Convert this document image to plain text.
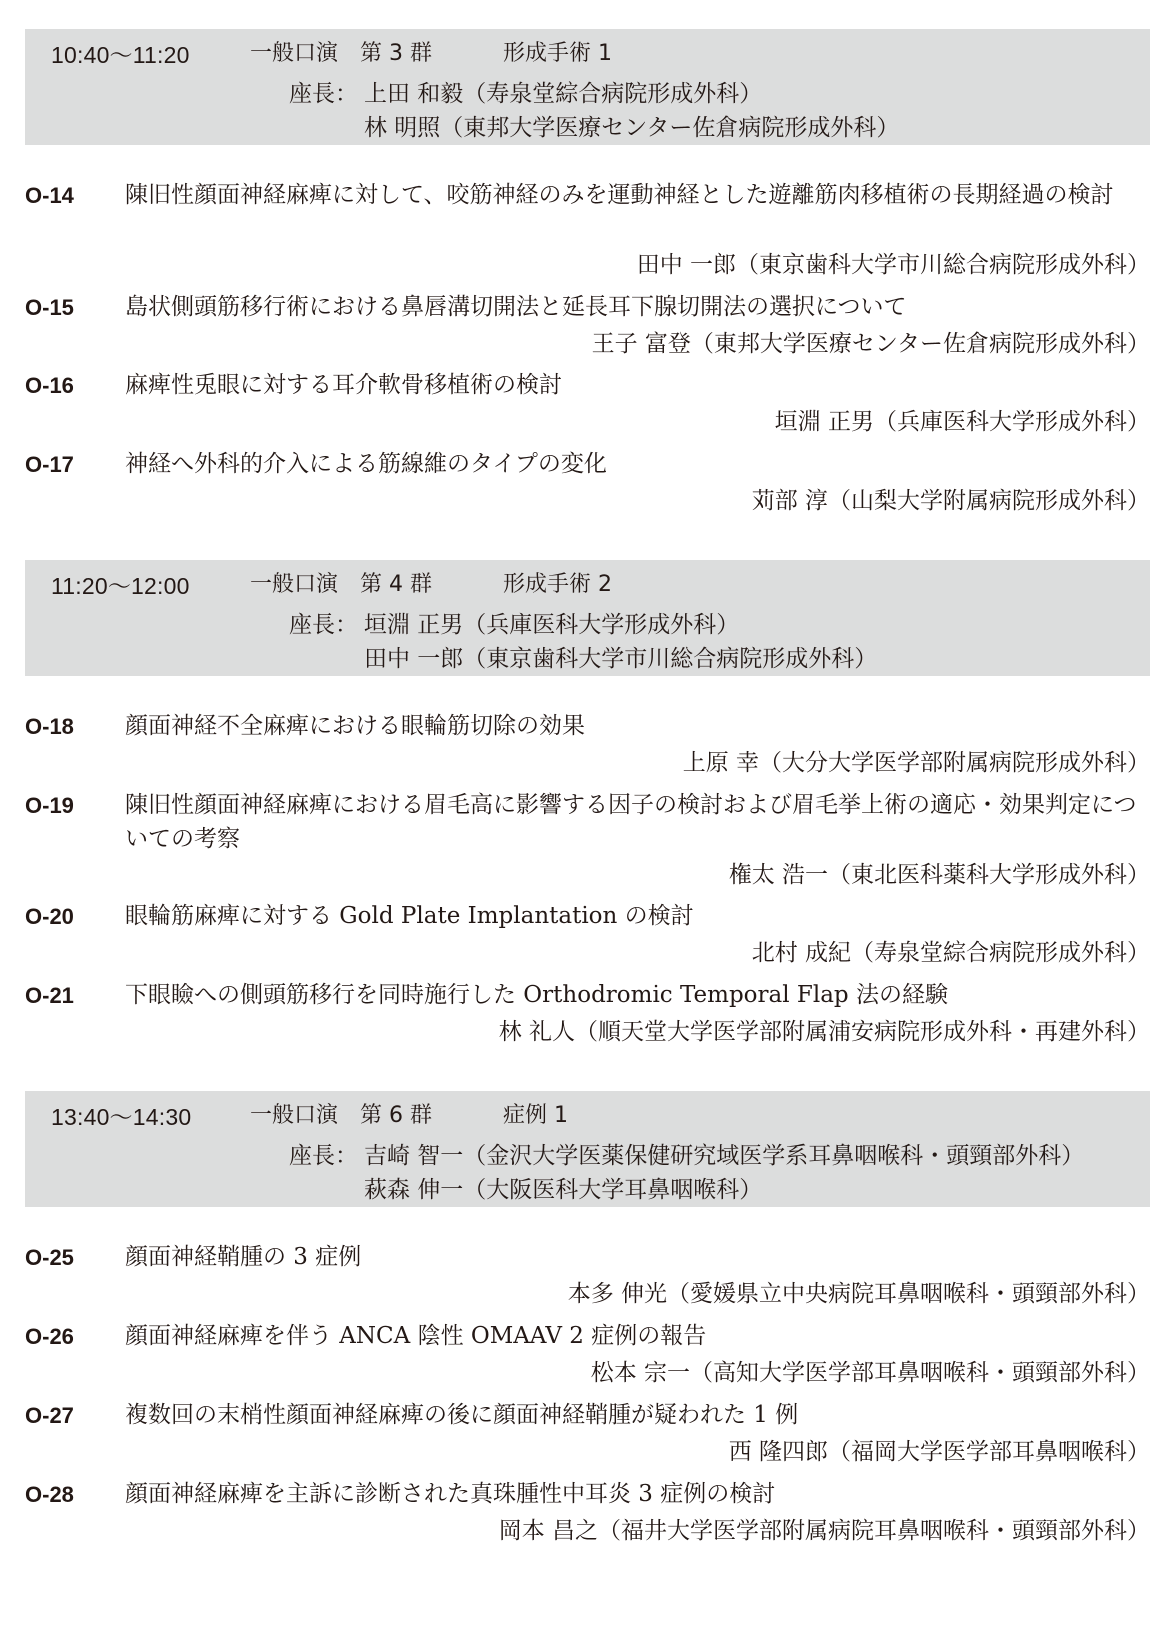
10:40～11:20	一般口演　第 3 群	形成手術 1
座長： 上田 和毅（寿泉堂綜合病院形成外科）
林 明照（東邦大学医療センター佐倉病院形成外科）
O-14 陳旧性顔面神経麻痺に対して、咬筋神経のみを運動神経とした遊離筋肉移植術の長期経過の検討
田中 一郎（東京歯科大学市川総合病院形成外科）
O-15 島状側頭筋移行術における鼻唇溝切開法と延長耳下腺切開法の選択について
王子 富登（東邦大学医療センター佐倉病院形成外科）
O-16 麻痺性兎眼に対する耳介軟骨移植術の検討
垣淵 正男（兵庫医科大学形成外科）
O-17 神経へ外科的介入による筋線維のタイプの変化
苅部 淳（山梨大学附属病院形成外科）
11:20～12:00	一般口演　第 4 群	形成手術 2
座長： 垣淵 正男（兵庫医科大学形成外科）
田中 一郎（東京歯科大学市川総合病院形成外科）
O-18 顔面神経不全麻痺における眼輪筋切除の効果
上原 幸（大分大学医学部附属病院形成外科）
O-19 陳旧性顔面神経麻痺における眉毛高に影響する因子の検討および眉毛挙上術の適応・効果判定についての考察
権太 浩一（東北医科薬科大学形成外科）
O-20 眼輪筋麻痺に対する Gold Plate Implantation の検討
北村 成紀（寿泉堂綜合病院形成外科）
O-21 下眼瞼への側頭筋移行を同時施行した Orthodromic Temporal Flap 法の経験
林 礼人（順天堂大学医学部附属浦安病院形成外科・再建外科）
13:40～14:30	一般口演　第 6 群	症例 1
座長： 吉崎 智一（金沢大学医薬保健研究域医学系耳鼻咽喉科・頭頸部外科）
萩森 伸一（大阪医科大学耳鼻咽喉科）
O-25 顔面神経鞘腫の 3 症例
本多 伸光（愛媛県立中央病院耳鼻咽喉科・頭頸部外科）
O-26 顔面神経麻痺を伴う ANCA 陰性 OMAAV 2 症例の報告
松本 宗一（高知大学医学部耳鼻咽喉科・頭頸部外科）
O-27 複数回の末梢性顔面神経麻痺の後に顔面神経鞘腫が疑われた 1 例
西 隆四郎（福岡大学医学部耳鼻咽喉科）
O-28 顔面神経麻痺を主訴に診断された真珠腫性中耳炎 3 症例の検討
岡本 昌之（福井大学医学部附属病院耳鼻咽喉科・頭頸部外科）
